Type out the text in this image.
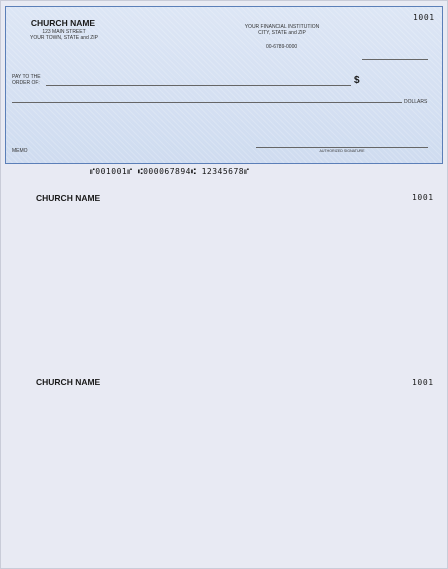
CHURCH NAME
123 MAIN STREET
YOUR TOWN, STATE and ZIP
YOUR FINANCIAL INSTITUTION
CITY, STATE and ZIP
00-6789-0000
1001
PAY TO THE
ORDER OF:	$
DOLLARS
MEMO	AUTHORIZED SIGNATURE
⑈001001⑈ ⑆000067894⑆ 12345678⑈
CHURCH NAME	1001
CHURCH NAME	1001
